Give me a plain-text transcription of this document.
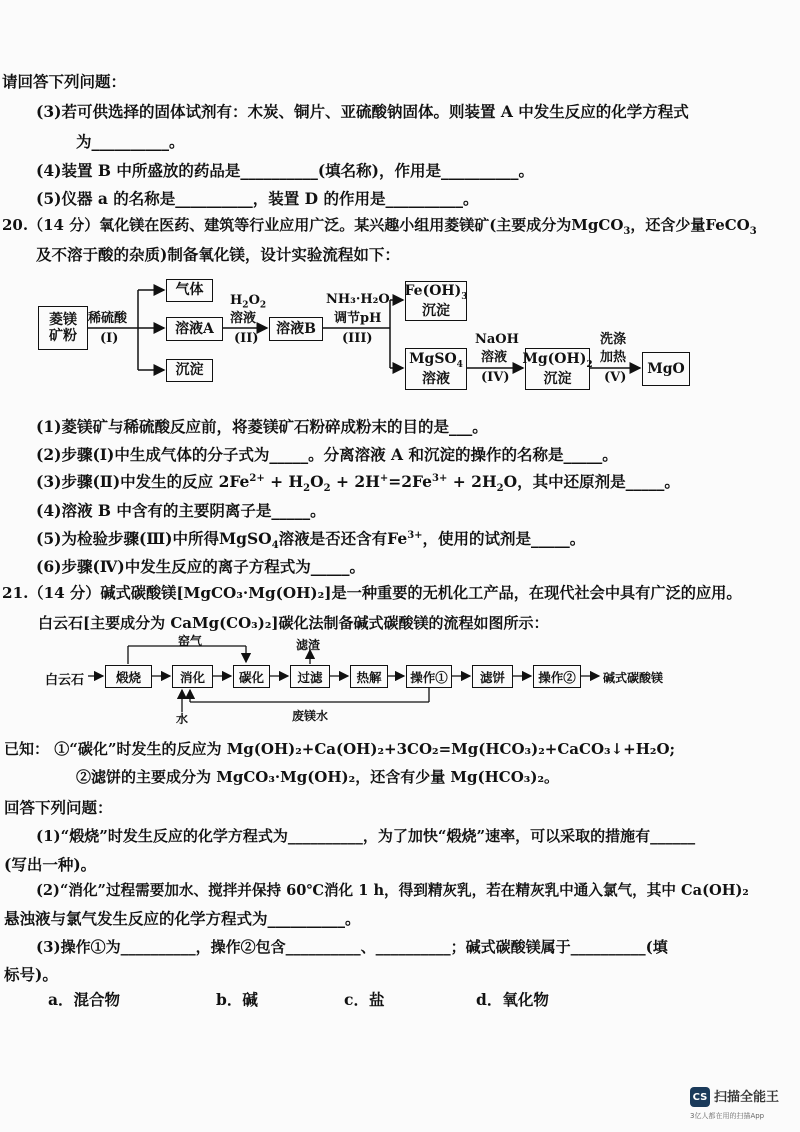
请回答下列问题：
(3)若可供选择的固体试剂有：木炭、铜片、亚硫酸钠固体。则装置 A 中发生反应的化学方程式
为__________。
(4)装置 B 中所盛放的药品是__________(填名称)，作用是__________。
(5)仪器 a 的名称是__________，装置 D 的作用是__________。
20.（14 分）氧化镁在医药、建筑等行业应用广泛。某兴趣小组用菱镁矿(主要成分为MgCO$_3$，还含少量FeCO$_3$
及不溶于酸的杂质)制备氧化镁，设计实验流程如下：
菱镁
矿粉
稀硫酸
(I)
气体
溶液A
沉淀
$H_2O_2$
溶液
(II)
溶液B
NH₃·H₂O
调节pH
(III)
$Fe(OH)_3$
沉淀
MgSO$_4$
溶液
NaOH
溶液
(IV)
$Mg(OH)_2$
沉淀
洗涤
加热
(V)
MgO
(1)菱镁矿与稀硫酸反应前，将菱镁矿石粉碎成粉末的目的是___。
(2)步骤(Ⅰ)中生成气体的分子式为_____。分离溶液 A 和沉淀的操作的名称是_____。
(3)步骤(Ⅱ)中发生的反应 $2Fe^{2+} + H_2O_2 + 2H^+=2Fe^{3+} + 2H_2O$，其中还原剂是_____。
(4)溶液 B 中含有的主要阴离子是_____。
(5)为检验步骤(Ⅲ)中所得MgSO$_4$溶液是否还含有$Fe^{3+}$，使用的试剂是_____。
(6)步骤(Ⅳ)中发生反应的离子方程式为_____。
21.（14 分）碱式碳酸镁[MgCO₃·Mg(OH)₂]是一种重要的无机化工产品，在现代社会中具有广泛的应用。
白云石[主要成分为 CaMg(CO₃)₂]碳化法制备碱式碳酸镁的流程如图所示：
白云石	煅烧	消化	碳化	过滤	热解	操作①	滤饼	操作②	碱式碳酸镁
窑气	滤渣
水	废镁水
已知： ①“碳化”时发生的反应为 Mg(OH)₂+Ca(OH)₂+3CO₂=Mg(HCO₃)₂+CaCO₃↓+H₂O;
②滤饼的主要成分为 MgCO₃·Mg(OH)₂，还含有少量 Mg(HCO₃)₂。
回答下列问题：
(1)“煅烧”时发生反应的化学方程式为__________，为了加快“煅烧”速率，可以采取的措施有______
(写出一种)。
(2)“消化”过程需要加水、搅拌并保持 60℃消化 1 h，得到精灰乳，若在精灰乳中通入氯气，其中 Ca(OH)₂
悬浊液与氯气发生反应的化学方程式为__________。
(3)操作①为__________，操作②包含__________、__________；碱式碳酸镁属于__________(填
标号)。
a．混合物	b．碱	c．盐	d．氧化物
CS 扫描全能王
3亿人都在用的扫描App
